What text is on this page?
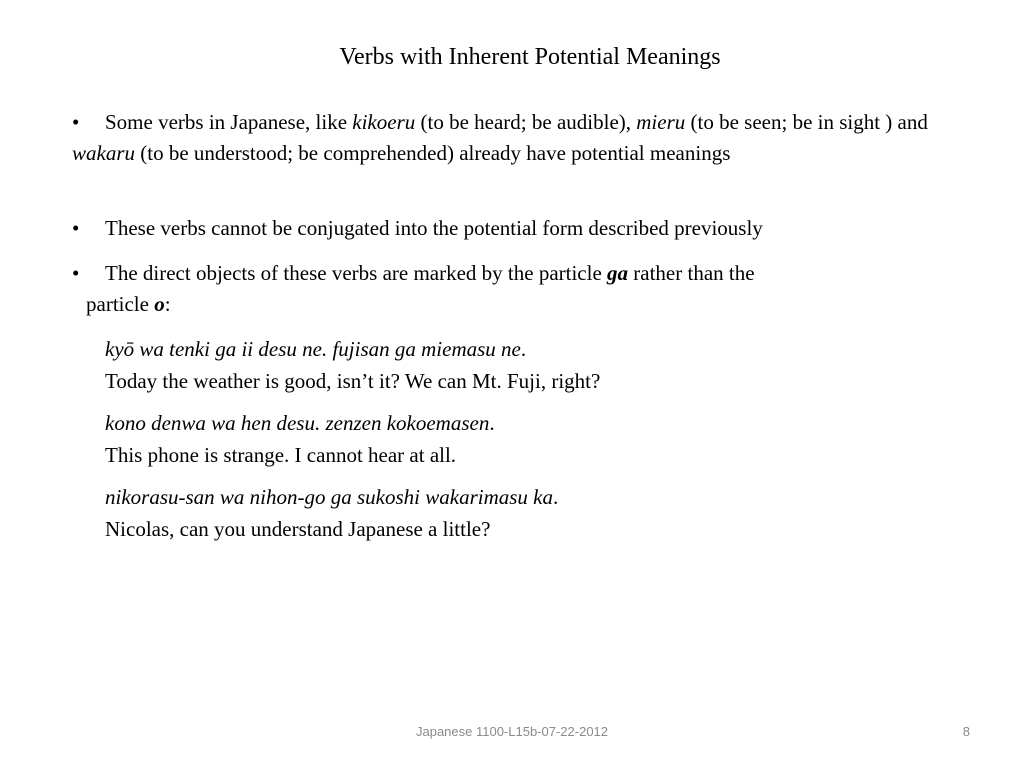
Verbs with Inherent Potential Meanings
• Some verbs in Japanese, like kikoeru (to be heard; be audible), mieru (to be seen; be in sight ) and wakaru (to be understood; be comprehended) already have potential meanings
• These verbs cannot be conjugated into the potential form described previously
• The direct objects of these verbs are marked by the particle ga rather than the
particle o:
kyō wa tenki ga ii desu ne. fujisan ga miemasu ne.
Today the weather is good, isn’t it? We can Mt. Fuji, right?
kono denwa wa hen desu. zenzen kokoemasen.
This phone is strange. I cannot hear at all.
nikorasu-san wa nihon-go ga sukoshi wakarimasu ka.
Nicolas, can you understand Japanese a little?
Japanese 1100-L15b-07-22-2012	8
